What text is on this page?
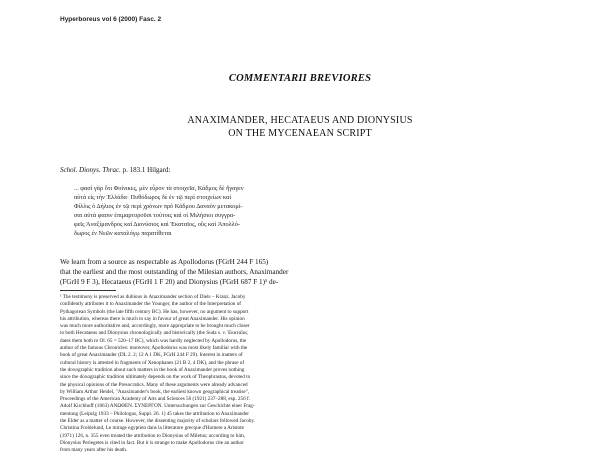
Hyperboreus vol 6 (2000) Fasc. 2
COMMENTARII BREVIORES
ANAXIMANDER, HECATAEUS AND DIONYSIUS
ON THE MYCENAEAN SCRIPT
Schol. Dionys. Thrac. p. 183.1 Hilgard:
... φασὶ γὰρ ὅτι Φοίνικες, μὲν εὗρον τὰ στοιχεῖα, Κάδμος δὲ ἤγαγεν
αὐτὰ εἰς τὴν Ἑλλάδα· Πυθόδωρος δὲ ἐν τῷ περὶ στοιχείων καὶ
Φίλλις ὁ Δήλιος ἐν τῷ περὶ χρόνων πρὸ Κάδμου Δαναὸν μετακομί-
σαι αὐτά φασιν ἐπιμαρτυροῦσι τούτοις καὶ οἱ Μιλήσιοι συγγρα-
φεῖς Ἀναξίμανδρος καὶ Διονύσιος καὶ Ἑκαταῖος, οὓς καὶ Ἀπολλό-
δωρος ἐν Νεῶν καταλόγῳ παρατίθεται
We learn from a source as respectable as Apollodorus (FGrH 244 F 165)
that the earliest and the most outstanding of the Milesian authors, Anaximander
(FGrH 9 F 3), Hecataeus (FGrH 1 F 20) and Dionysius (FGrH 687 F 1)¹ de-
¹ The testimony is preserved as dubious in Anaximander section of Diels – Kranz. Jacoby
confidently attributes it to Anaximander the Younger, the author of the Interpretation of
Pythagorean Symbols (the late fifth century BC). He has, however, no argument to support
his attribution, whereas there is much to say in favour of great Anaximander. His opinion
was much more authoritative and, accordingly, more appropriate to be brought much closer
to both Hecataeus and Dionysius chronologically and historically (the Suda s. v. Ἑκαταῖος
dates them both to Ol. 65 = 520–17 BC), which was hardly neglected by Apollodorus, the
author of the famous Chronicles: moreover, Apollodorus was most likely familiar with the
book of great Anaximander (DL 2. 2; 12 A 1 DK, FGrH 244 F 29). Interest in matters of
cultural history is attested in fragments of Xenophanes (21 B 2, 4 DK), and the phrase of
the doxographic tradition about such matters in the book of Anaximander proves nothing
since the doxographic tradition ultimately depends on the work of Theophrastus, devoted to
the physical opinions of the Presocratics. Many of these arguments were already advanced
by William Arthur Heidel, "Anaximander's book, the earliest known geographical treatise",
Proceedings of the American Academy of Arts and Sciences 56 (1921) 237–288, esp. 256 f.
Adolf Kirchhoff (1863) ANΩΘEN. ΣΥΝΕΡΓΟΝ. Untersuchungen zur Geschichte einer Frag-
mentung (Leipzig 1933 – Philologus, Suppl. 26. 1) 45 takes the attribution to Anaximander
the Elder as a matter of course. However, the dissenting majority of scholars followed Jacoby.
Christina Frohlelund, Le mirage egyptien dans la litterature grecque d'Homere a Aristote
(1971) 126, n. 355 even treated the attribution to Dionysius of Miletus; according to him,
Dionysius Periegetes is cited in fact. But it is strange to make Apollodorus cite an author
from many years after his death.
